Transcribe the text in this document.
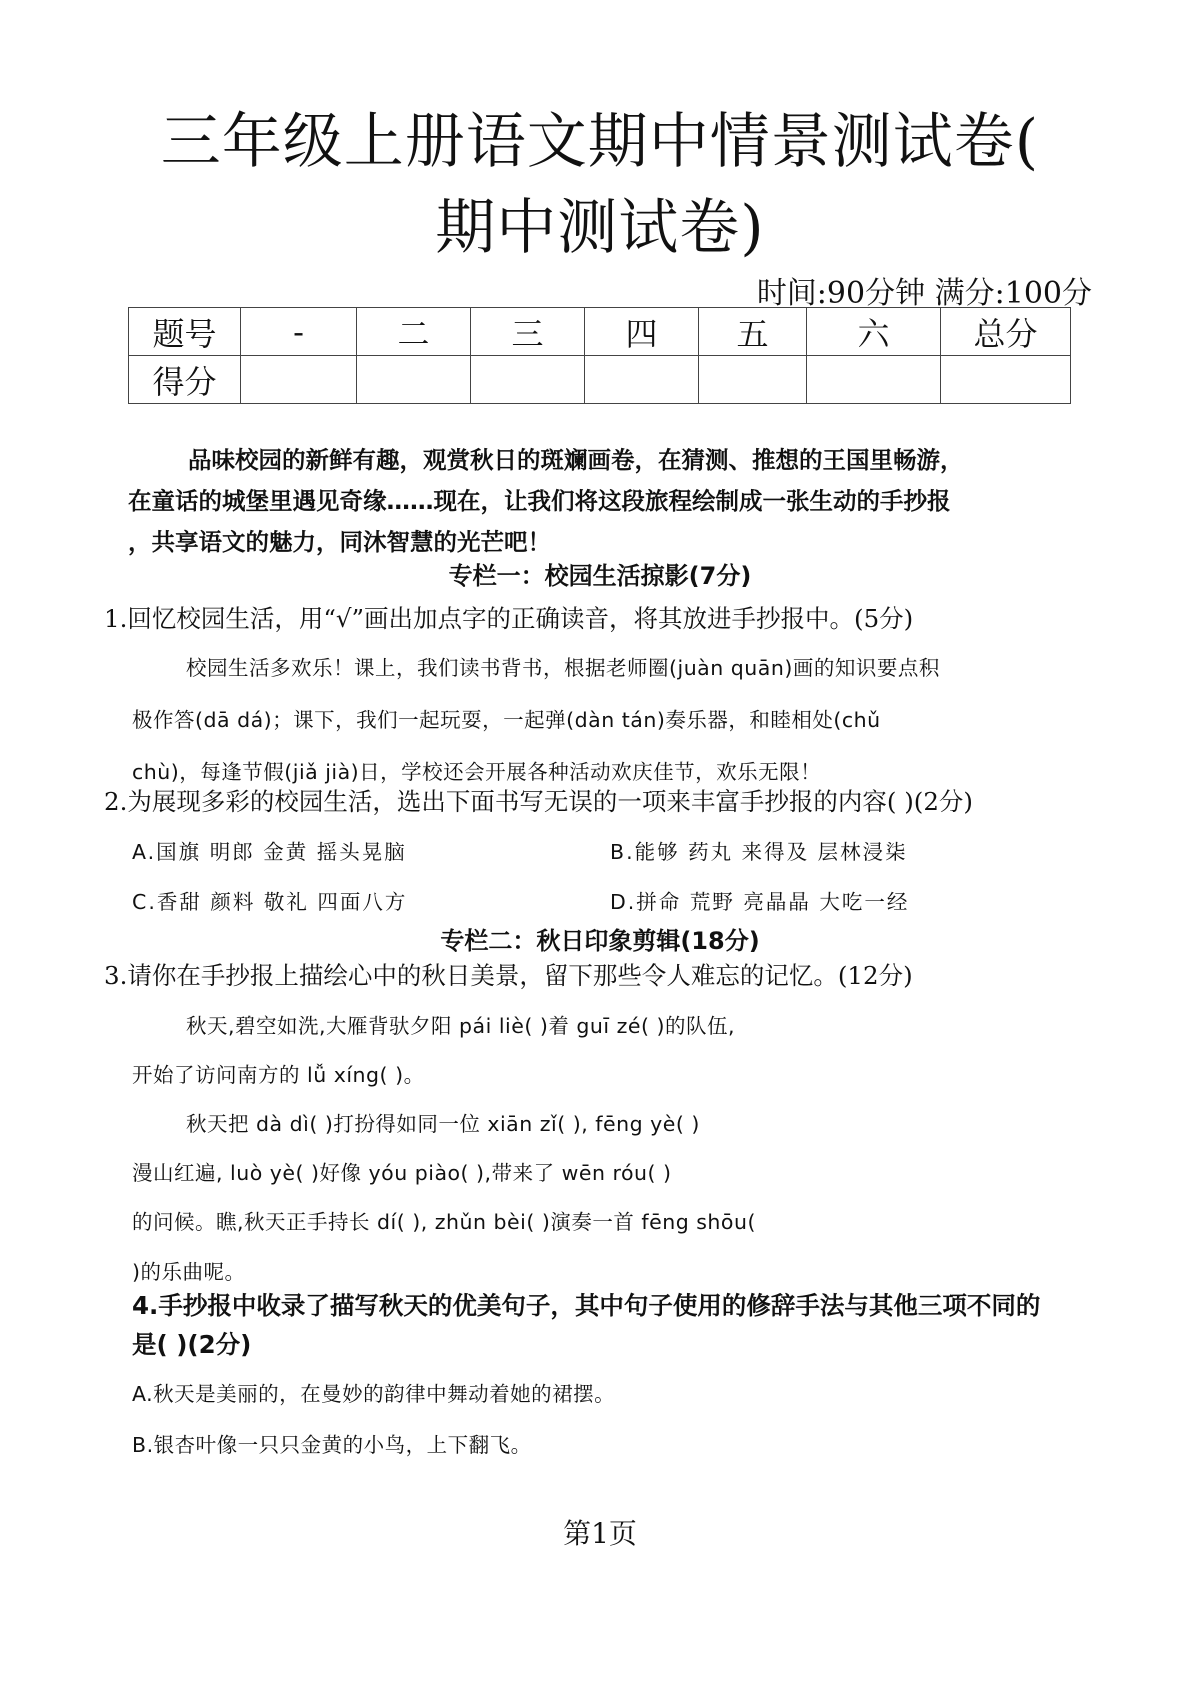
三年级上册语文期中情景测试卷(
期中测试卷)
时间:90分钟 满分:100分
题号	-	二	三	四	五	六	总分
得分							
品味校园的新鲜有趣，观赏秋日的斑斓画卷，在猜测、推想的王国里畅游，
在童话的城堡里遇见奇缘……现在，让我们将这段旅程绘制成一张生动的手抄报
，共享语文的魅力，同沐智慧的光芒吧！
专栏一：校园生活掠影(7分)
1.回忆校园生活，用“√”画出加点字的正确读音，将其放进手抄报中。(5分)
校园生活多欢乐！课上，我们读书背书，根据老师圈(juàn quān)画的知识要点积
极作答(dā dá)；课下，我们一起玩耍，一起弹(dàn tán)奏乐器，和睦相处(chǔ
chù)，每逢节假(jiǎ jià)日，学校还会开展各种活动欢庆佳节，欢乐无限！
2.为展现多彩的校园生活，选出下面书写无误的一项来丰富手抄报的内容( )(2分)
A.国旗 明郎 金黄 摇头晃脑	B.能够 药丸 来得及 层林浸柒
C.香甜 颜料 敬礼 四面八方	D.拼命 荒野 亮晶晶 大吃一经
专栏二：秋日印象剪辑(18分)
3.请你在手抄报上描绘心中的秋日美景，留下那些令人难忘的记忆。(12分)
秋天,碧空如洗,大雁背驮夕阳 pái liè( )着 guī zé( )的队伍,
开始了访问南方的 lǚ xíng( )。
秋天把 dà dì( )打扮得如同一位 xiān zǐ( ), fēng yè( )
漫山红遍, luò yè( )好像 yóu piào( ),带来了 wēn róu( )
的问候。瞧,秋天正手持长 dí( ), zhǔn bèi( )演奏一首 fēng shōu(
)的乐曲呢。
4.手抄报中收录了描写秋天的优美句子，其中句子使用的修辞手法与其他三项不同的
是( )(2分)
A.秋天是美丽的，在曼妙的韵律中舞动着她的裙摆。
B.银杏叶像一只只金黄的小鸟，上下翻飞。
第1页
